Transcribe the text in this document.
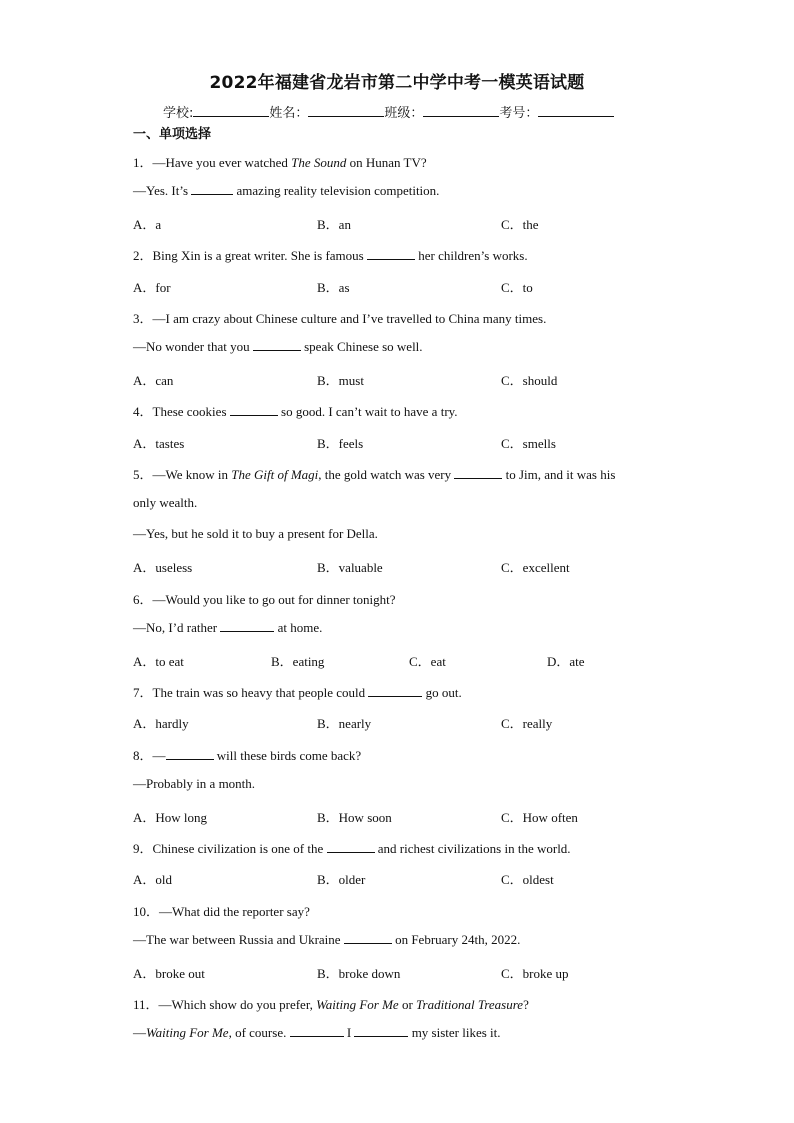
2022年福建省龙岩市第二中学中考一模英语试题
学校:	姓名：	班级：	考号：
一、单项选择
1．—Have you ever watched The Sound on Hunan TV?
—Yes. It’s	amazing reality television competition.
A．a	B．an	C．the
2．Bing Xin is a great writer. She is famous	her children’s works.
A．for	B．as	C．to
3．—I am crazy about Chinese culture and I’ve travelled to China many times.
—No wonder that you	speak Chinese so well.
A．can	B．must	C．should
4．These cookies	so good. I can’t wait to have a try.
A．tastes	B．feels	C．smells
5．—We know in The Gift of Magi, the gold watch was very	to Jim, and it was his
only wealth.
—Yes, but he sold it to buy a present for Della.
A．useless	B．valuable	C．excellent
6．—Would you like to go out for dinner tonight?
—No, I’d rather	at home.
A．to eat	B．eating	C．eat	D．ate
7．The train was so heavy that people could	go out.
A．hardly	B．nearly	C．really
8．—	will these birds come back?
—Probably in a month.
A．How long	B．How soon	C．How often
9．Chinese civilization is one of the	and richest civilizations in the world.
A．old	B．older	C．oldest
10．—What did the reporter say?
—The war between Russia and Ukraine	on February 24th, 2022.
A．broke out	B．broke down	C．broke up
11．—Which show do you prefer, Waiting For Me or Traditional Treasure?
—Waiting For Me, of course.	I	my sister likes it.
